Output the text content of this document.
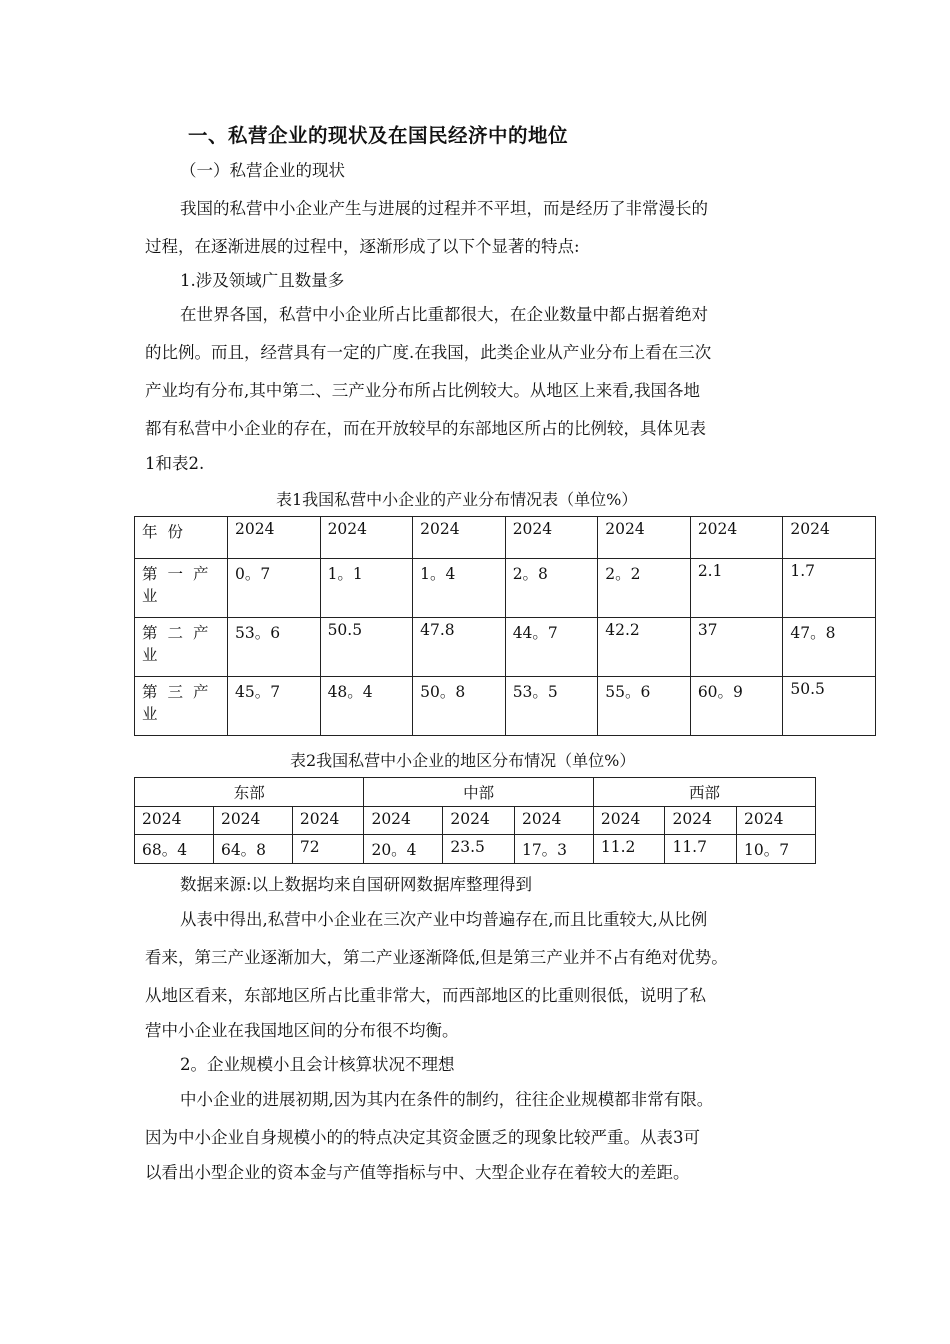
一、私营企业的现状及在国民经济中的地位
（一）私营企业的现状
我国的私营中小企业产生与进展的过程并不平坦，而是经历了非常漫长的
过程，在逐渐进展的过程中，逐渐形成了以下个显著的特点:
1.涉及领域广且数量多
在世界各国，私营中小企业所占比重都很大，在企业数量中都占据着绝对
的比例。而且，经营具有一定的广度.在我国，此类企业从产业分布上看在三次
产业均有分布,其中第二、三产业分布所占比例较大。从地区上来看,我国各地
都有私营中小企业的存在，而在开放较早的东部地区所占的比例较，具体见表
1和表2.
表1我国私营中小企业的产业分布情况表（单位%）
年份	2024	2024	2024	2024	2024	2024	2024
第一产业	0。7	1。1	1。4	2。8	2。2	2.1	1.7
第二产业	53。6	50.5	47.8	44。7	42.2	37	47。8
第三产业	45。7	48。4	50。8	53。5	55。6	60。9	50.5
表2我国私营中小企业的地区分布情况（单位%）
东部			中部			西部		
2024	2024	2024	2024	2024	2024	2024	2024	2024
68。4	64。8	72	20。4	23.5	17。3	11.2	11.7	10。7
数据来源:以上数据均来自国研网数据库整理得到
从表中得出,私营中小企业在三次产业中均普遍存在,而且比重较大,从比例
看来，第三产业逐渐加大，第二产业逐渐降低,但是第三产业并不占有绝对优势。
从地区看来，东部地区所占比重非常大，而西部地区的比重则很低，说明了私
营中小企业在我国地区间的分布很不均衡。
2。企业规模小且会计核算状况不理想
中小企业的进展初期,因为其内在条件的制约，往往企业规模都非常有限。
因为中小企业自身规模小的的特点决定其资金匮乏的现象比较严重。从表3可
以看出小型企业的资本金与产值等指标与中、大型企业存在着较大的差距。
